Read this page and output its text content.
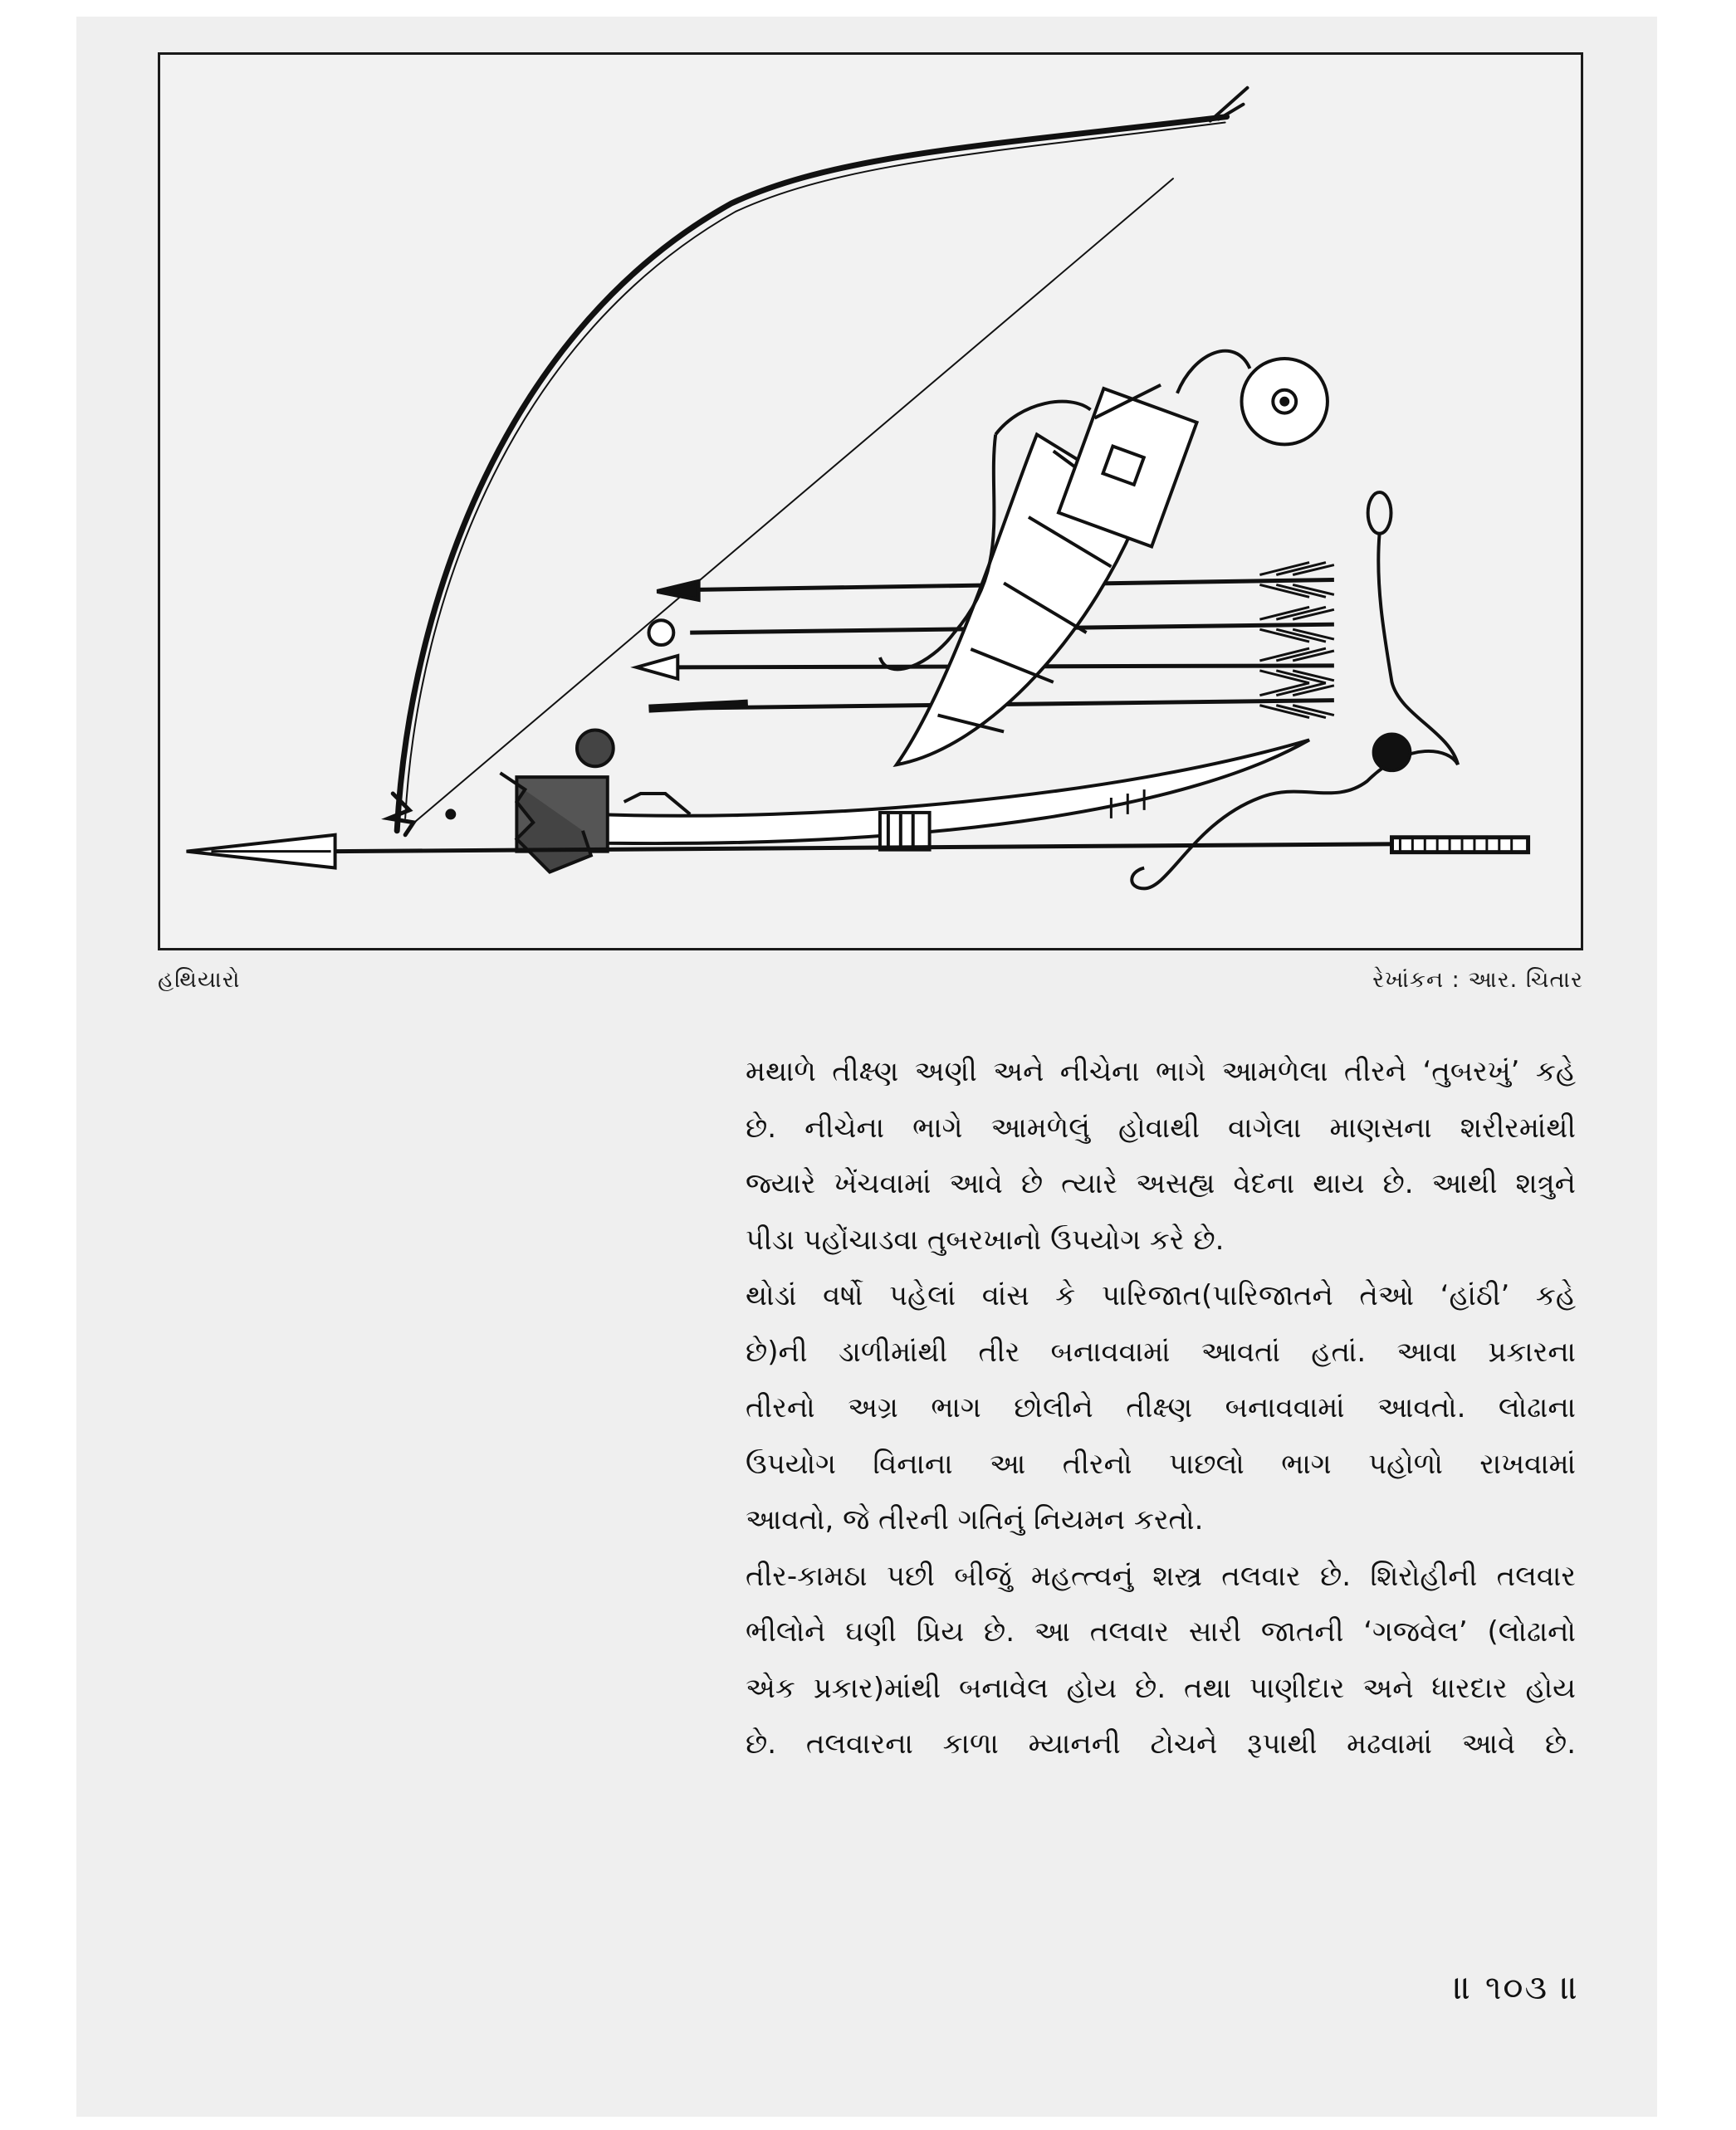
હથિયારો	રેખાંકન : આર. ચિતાર
મથાળે તીક્ષ્ણ અણી અને નીચેના ભાગે આમળેલા તીરને ‘તુબરખું’ કહે
છે. નીચેના ભાગે આમળેલું હોવાથી વાગેલા માણસના શરીરમાંથી
જ્યારે ખેંચવામાં આવે છે ત્યારે અસહ્ય વેદના થાય છે. આથી શત્રુને
પીડા પહોંચાડવા તુબરખાનો ઉપયોગ કરે છે.
થોડાં વર્ષો પહેલાં વાંસ કે પારિજાત(પારિજાતને તેઓ ‘હાંઠી’ કહે
છે)ની ડાળીમાંથી તીર બનાવવામાં આવતાં હતાં. આવા પ્રકારના
તીરનો અગ્ર ભાગ છોલીને તીક્ષ્ણ બનાવવામાં આવતો. લોઢાના
ઉપયોગ વિનાના આ તીરનો પાછલો ભાગ પહોળો રાખવામાં
આવતો, જે તીરની ગતિનું નિયમન કરતો.
તીર-કામઠા પછી બીજું મહત્ત્વનું શસ્ત્ર તલવાર છે. શિરોહીની તલવાર
ભીલોને ઘણી પ્રિય છે. આ તલવાર સારી જાતની ‘ગજવેલ’ (લોઢાનો
એક પ્રકાર)માંથી બનાવેલ હોય છે. તથા પાણીદાર અને ધારદાર હોય
છે. તલવારના કાળા મ્યાનની ટોચને રૂપાથી મઢવામાં આવે છે.
॥ ૧૦૩ ॥
